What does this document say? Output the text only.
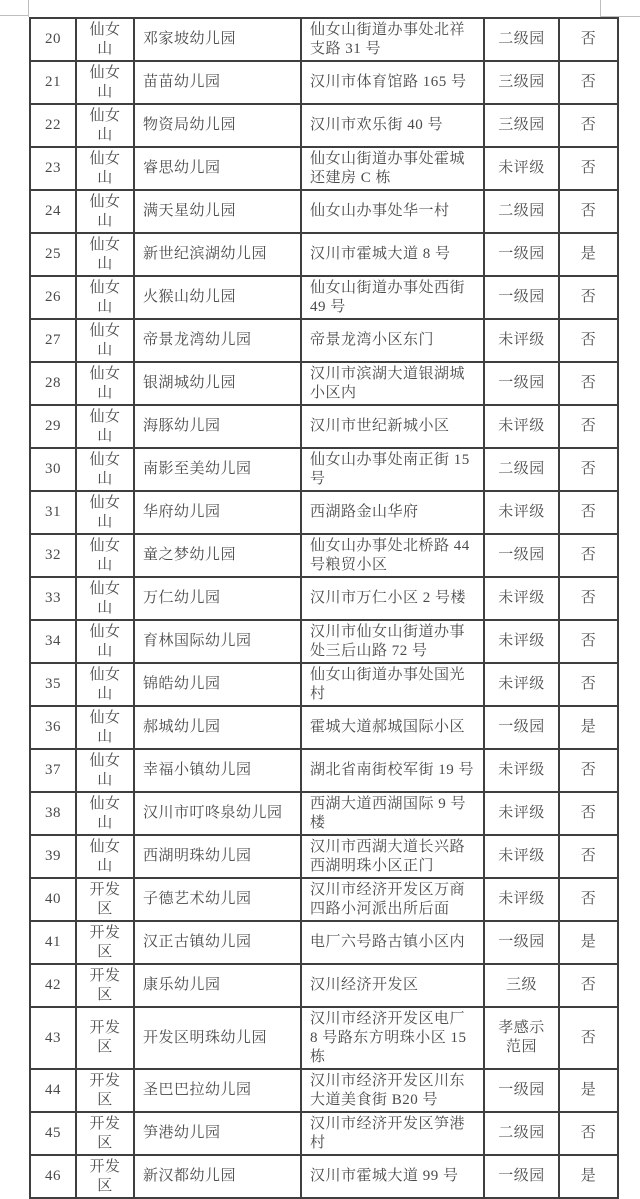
20	仙女山	邓家坡幼儿园	仙女山街道办事处北祥支路 31 号	二级园	否
21	仙女山	苗苗幼儿园	汉川市体育馆路 165 号	三级园	否
22	仙女山	物资局幼儿园	汉川市欢乐街 40 号	三级园	否
23	仙女山	睿思幼儿园	仙女山街道办事处霍城还建房 C 栋	未评级	否
24	仙女山	满天星幼儿园	仙女山办事处华一村	二级园	否
25	仙女山	新世纪滨湖幼儿园	汉川市霍城大道 8 号	一级园	是
26	仙女山	火猴山幼儿园	仙女山街道办事处西街 49 号	一级园	否
27	仙女山	帝景龙湾幼儿园	帝景龙湾小区东门	未评级	否
28	仙女山	银湖城幼儿园	汉川市滨湖大道银湖城小区内	一级园	否
29	仙女山	海豚幼儿园	汉川市世纪新城小区	未评级	否
30	仙女山	南影至美幼儿园	仙女山办事处南正街 15 号	二级园	否
31	仙女山	华府幼儿园	西湖路金山华府	未评级	否
32	仙女山	童之梦幼儿园	仙女山办事处北桥路 44 号粮贸小区	一级园	否
33	仙女山	万仁幼儿园	汉川市万仁小区 2 号楼	未评级	否
34	仙女山	育林国际幼儿园	汉川市仙女山街道办事处三后山路 72 号	未评级	否
35	仙女山	锦皓幼儿园	仙女山街道办事处国光村	未评级	否
36	仙女山	郝城幼儿园	霍城大道郝城国际小区	一级园	是
37	仙女山	幸福小镇幼儿园	湖北省南街校军街 19 号	未评级	否
38	仙女山	汉川市叮咚泉幼儿园	西湖大道西湖国际 9 号楼	未评级	否
39	仙女山	西湖明珠幼儿园	汉川市西湖大道长兴路西湖明珠小区正门	未评级	否
40	开发区	子德艺术幼儿园	汉川市经济开发区万商四路小河派出所后面	未评级	否
41	开发区	汉正古镇幼儿园	电厂六号路古镇小区内	一级园	是
42	开发区	康乐幼儿园	汉川经济开发区	三级	否
43	开发区	开发区明珠幼儿园	汉川市经济开发区电厂 8 号路东方明珠小区 15 栋	孝感示范园	否
44	开发区	圣巴巴拉幼儿园	汉川市经济开发区川东大道美食街 B20 号	一级园	是
45	开发区	笋港幼儿园	汉川市经济开发区笋港村	二级园	否
46	开发区	新汉都幼儿园	汉川市霍城大道 99 号	一级园	是
